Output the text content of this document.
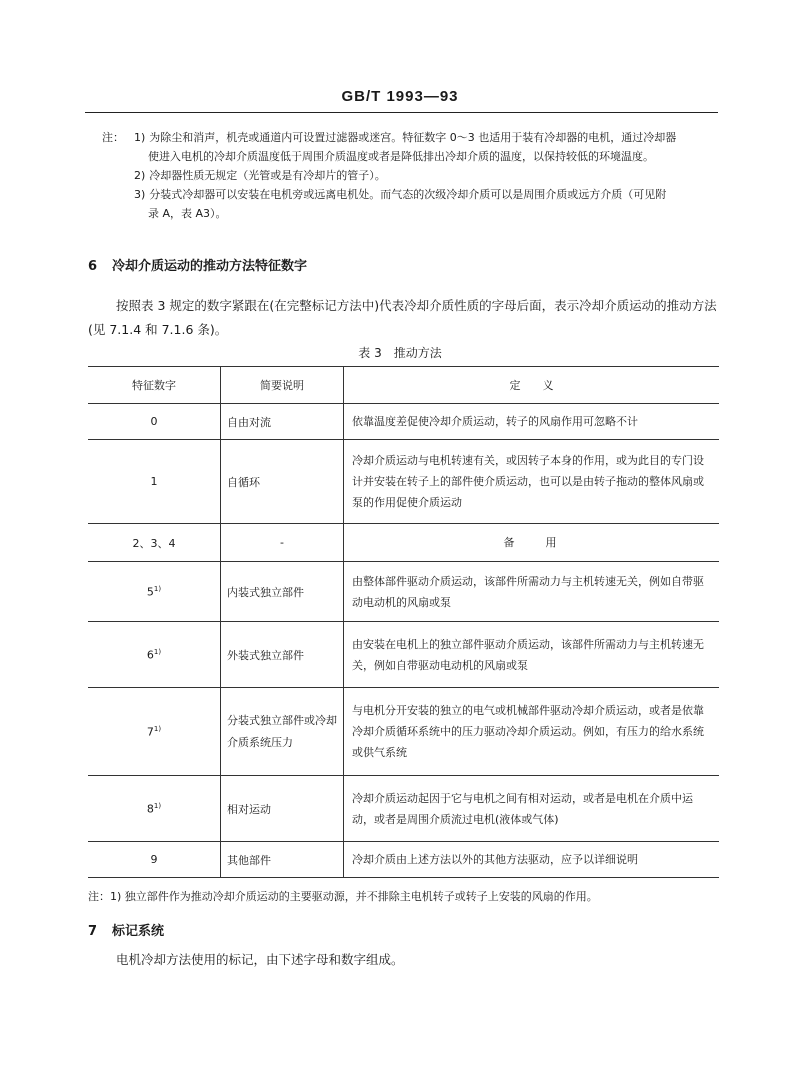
GB/T 1993—93
注： 1) 为除尘和消声，机壳或通道内可设置过滤器或迷宫。特征数字 0～3 也适用于装有冷却器的电机，通过冷却器
使进入电机的冷却介质温度低于周围介质温度或者是降低排出冷却介质的温度，以保持较低的环境温度。
2) 冷却器性质无规定（光管或是有冷却片的管子）。
3) 分装式冷却器可以安装在电机旁或远离电机处。而气态的次级冷却介质可以是周围介质或远方介质（可见附
录 A，表 A3）。
6 冷却介质运动的推动方法特征数字
按照表 3 规定的数字紧跟在(在完整标记方法中)代表冷却介质性质的字母后面，表示冷却介质运动的推动方法(见 7.1.4 和 7.1.6 条)。
表 3　推动方法
特征数字	简要说明	定　　义
0	自由对流	依靠温度差促使冷却介质运动，转子的风扇作用可忽略不计
1	自循环	冷却介质运动与电机转速有关，或因转子本身的作用，或为此目的专门设计并安装在转子上的部件使介质运动，也可以是由转子拖动的整体风扇或泵的作用促使介质运动
2、3、4	-	备　　用
5$^{1)}$	内装式独立部件	由整体部件驱动介质运动，该部件所需动力与主机转速无关，例如自带驱动电动机的风扇或泵
6$^{1)}$	外装式独立部件	由安装在电机上的独立部件驱动介质运动，该部件所需动力与主机转速无关，例如自带驱动电动机的风扇或泵
7$^{1)}$	分装式独立部件或冷却介质系统压力	与电机分开安装的独立的电气或机械部件驱动冷却介质运动，或者是依靠冷却介质循环系统中的压力驱动冷却介质运动。例如，有压力的给水系统或供气系统
8$^{1)}$	相对运动	冷却介质运动起因于它与电机之间有相对运动，或者是电机在介质中运动，或者是周围介质流过电机(液体或气体)
9	其他部件	冷却介质由上述方法以外的其他方法驱动，应予以详细说明
注：1) 独立部件作为推动冷却介质运动的主要驱动源，并不排除主电机转子或转子上安装的风扇的作用。
7 标记系统
电机冷却方法使用的标记，由下述字母和数字组成。
